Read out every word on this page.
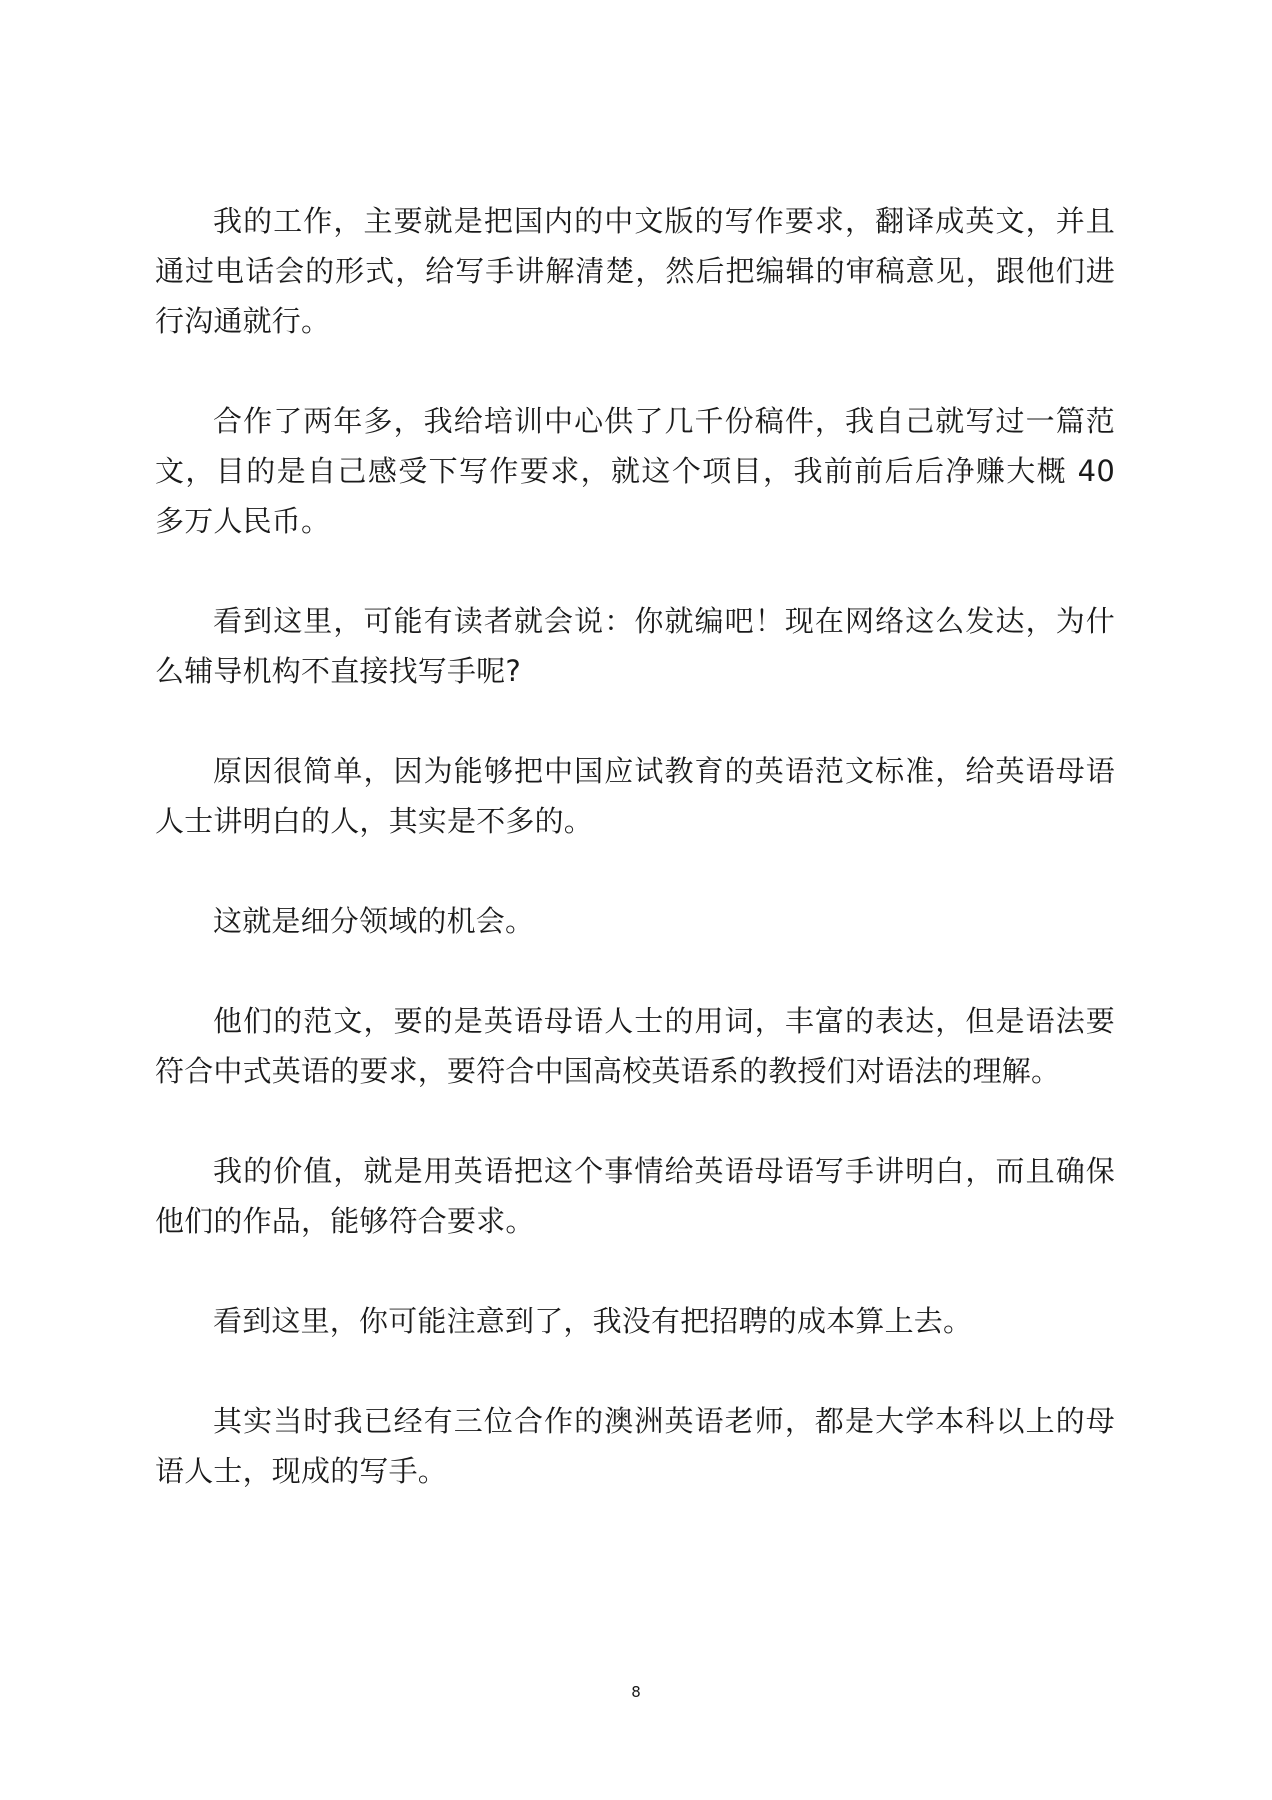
我的工作，主要就是把国内的中文版的写作要求，翻译成英文，并且通过电话会的形式，给写手讲解清楚，然后把编辑的审稿意见，跟他们进行沟通就行。

合作了两年多，我给培训中心供了几千份稿件，我自己就写过一篇范文，目的是自己感受下写作要求，就这个项目，我前前后后净赚大概 40 多万人民币。

看到这里，可能有读者就会说：你就编吧！现在网络这么发达，为什么辅导机构不直接找写手呢?

原因很简单，因为能够把中国应试教育的英语范文标准，给英语母语人士讲明白的人，其实是不多的。

这就是细分领域的机会。

他们的范文，要的是英语母语人士的用词，丰富的表达，但是语法要符合中式英语的要求，要符合中国高校英语系的教授们对语法的理解。

我的价值，就是用英语把这个事情给英语母语写手讲明白，而且确保他们的作品，能够符合要求。

看到这里，你可能注意到了，我没有把招聘的成本算上去。

其实当时我已经有三位合作的澳洲英语老师，都是大学本科以上的母语人士，现成的写手。

8
